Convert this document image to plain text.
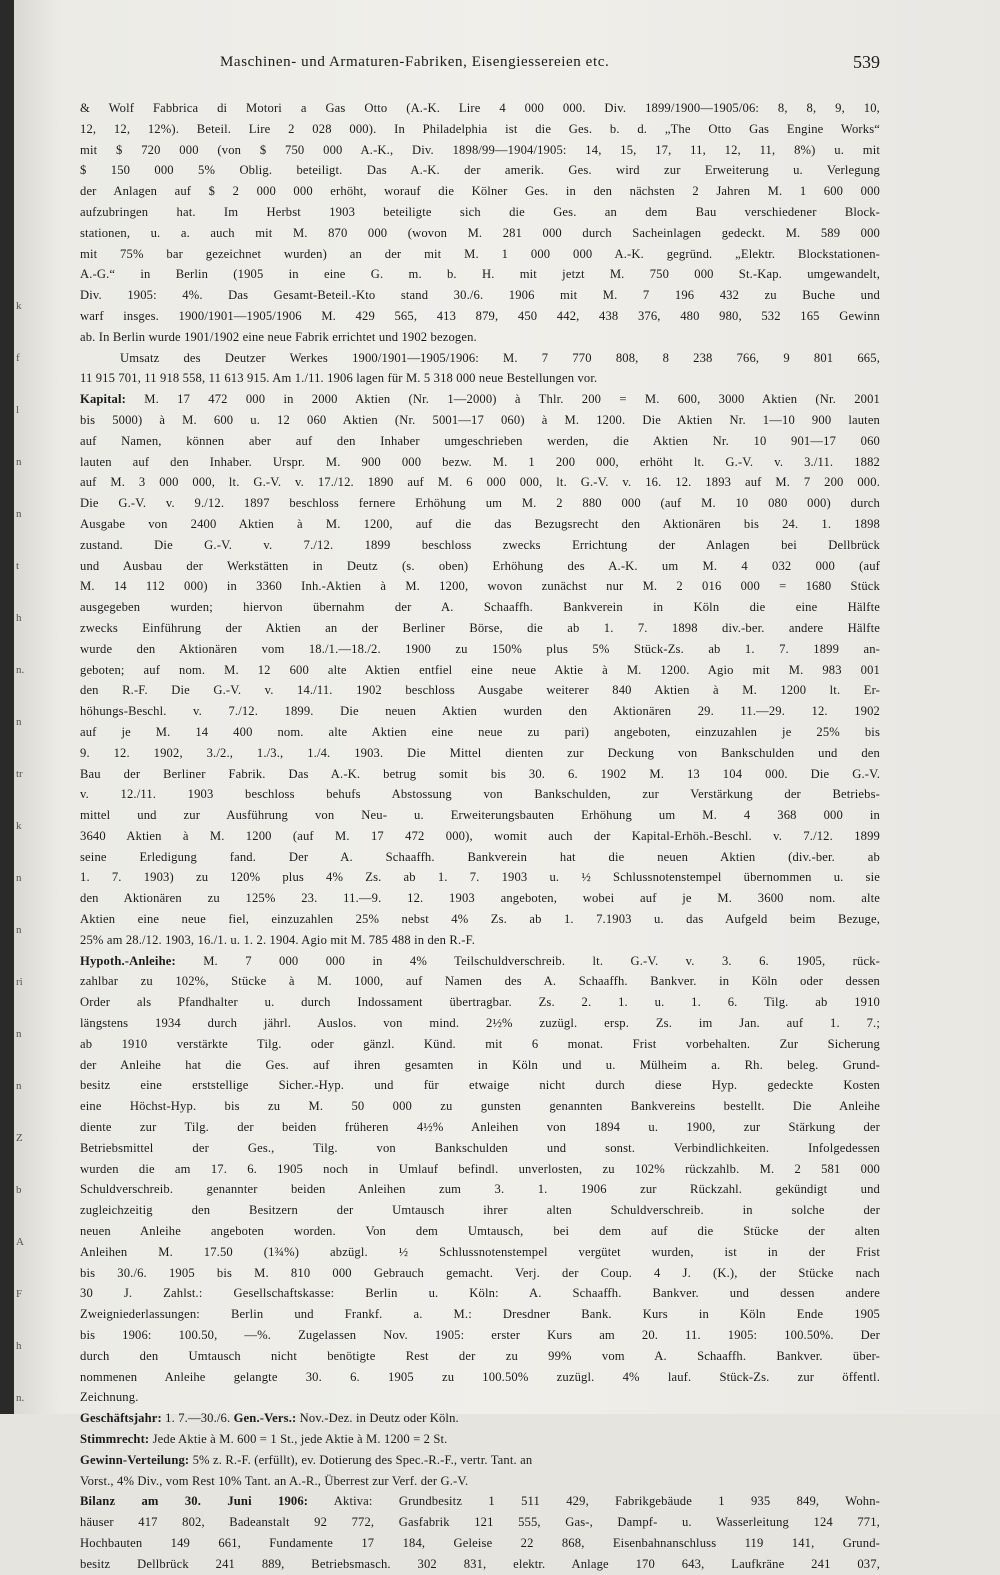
k
f
l
n
n
t
h
n.
n
tr
k
n
n
ri
n
n
Z
b
A
F
h
n.
Maschinen- und Armaturen-Fabriken, Eisengiessereien etc.	539
& Wolf Fabbrica di Motori a Gas Otto (A.-K. Lire 4 000 000. Div. 1899/1900—1905/06: 8, 8, 9, 10,
12, 12, 12%). Beteil. Lire 2 028 000). In Philadelphia ist die Ges. b. d. „The Otto Gas Engine Works“
mit $ 720 000 (von $ 750 000 A.-K., Div. 1898/99—1904/1905: 14, 15, 17, 11, 12, 11, 8%) u. mit
$ 150 000 5% Oblig. beteiligt. Das A.-K. der amerik. Ges. wird zur Erweiterung u. Verlegung
der Anlagen auf $ 2 000 000 erhöht, worauf die Kölner Ges. in den nächsten 2 Jahren M. 1 600 000
aufzubringen hat. Im Herbst 1903 beteiligte sich die Ges. an dem Bau verschiedener Block-
stationen, u. a. auch mit M. 870 000 (wovon M. 281 000 durch Sacheinlagen gedeckt. M. 589 000
mit 75% bar gezeichnet wurden) an der mit M. 1 000 000 A.-K. gegründ. „Elektr. Blockstationen-
A.-G.“ in Berlin (1905 in eine G. m. b. H. mit jetzt M. 750 000 St.-Kap. umgewandelt,
Div. 1905: 4%. Das Gesamt-Beteil.-Kto stand 30./6. 1906 mit M. 7 196 432 zu Buche und
warf insges. 1900/1901—1905/1906 M. 429 565, 413 879, 450 442, 438 376, 480 980, 532 165 Gewinn
ab. In Berlin wurde 1901/1902 eine neue Fabrik errichtet und 1902 bezogen.
Umsatz des Deutzer Werkes 1900/1901—1905/1906: M. 7 770 808, 8 238 766, 9 801 665,
11 915 701, 11 918 558, 11 613 915. Am 1./11. 1906 lagen für M. 5 318 000 neue Bestellungen vor.
Kapital: M. 17 472 000 in 2000 Aktien (Nr. 1—2000) à Thlr. 200 = M. 600, 3000 Aktien (Nr. 2001
bis 5000) à M. 600 u. 12 060 Aktien (Nr. 5001—17 060) à M. 1200. Die Aktien Nr. 1—10 900 lauten
auf Namen, können aber auf den Inhaber umgeschrieben werden, die Aktien Nr. 10 901—17 060
lauten auf den Inhaber. Urspr. M. 900 000 bezw. M. 1 200 000, erhöht lt. G.-V. v. 3./11. 1882
auf M. 3 000 000, lt. G.-V. v. 17./12. 1890 auf M. 6 000 000, lt. G.-V. v. 16. 12. 1893 auf M. 7 200 000.
Die G.-V. v. 9./12. 1897 beschloss fernere Erhöhung um M. 2 880 000 (auf M. 10 080 000) durch
Ausgabe von 2400 Aktien à M. 1200, auf die das Bezugsrecht den Aktionären bis 24. 1. 1898
zustand. Die G.-V. v. 7./12. 1899 beschloss zwecks Errichtung der Anlagen bei Dellbrück
und Ausbau der Werkstätten in Deutz (s. oben) Erhöhung des A.-K. um M. 4 032 000 (auf
M. 14 112 000) in 3360 Inh.-Aktien à M. 1200, wovon zunächst nur M. 2 016 000 = 1680 Stück
ausgegeben wurden; hiervon übernahm der A. Schaaffh. Bankverein in Köln die eine Hälfte
zwecks Einführung der Aktien an der Berliner Börse, die ab 1. 7. 1898 div.-ber. andere Hälfte
wurde den Aktionären vom 18./1.—18./2. 1900 zu 150% plus 5% Stück-Zs. ab 1. 7. 1899 an-
geboten; auf nom. M. 12 600 alte Aktien entfiel eine neue Aktie à M. 1200. Agio mit M. 983 001
den R.-F. Die G.-V. v. 14./11. 1902 beschloss Ausgabe weiterer 840 Aktien à M. 1200 lt. Er-
höhungs-Beschl. v. 7./12. 1899. Die neuen Aktien wurden den Aktionären 29. 11.—29. 12. 1902
auf je M. 14 400 nom. alte Aktien eine neue zu pari) angeboten, einzuzahlen je 25% bis
9. 12. 1902, 3./2., 1./3., 1./4. 1903. Die Mittel dienten zur Deckung von Bankschulden und den
Bau der Berliner Fabrik. Das A.-K. betrug somit bis 30. 6. 1902 M. 13 104 000. Die G.-V.
v. 12./11. 1903 beschloss behufs Abstossung von Bankschulden, zur Verstärkung der Betriebs-
mittel und zur Ausführung von Neu- u. Erweiterungsbauten Erhöhung um M. 4 368 000 in
3640 Aktien à M. 1200 (auf M. 17 472 000), womit auch der Kapital-Erhöh.-Beschl. v. 7./12. 1899
seine Erledigung fand. Der A. Schaaffh. Bankverein hat die neuen Aktien (div.-ber. ab
1. 7. 1903) zu 120% plus 4% Zs. ab 1. 7. 1903 u. ½ Schlussnotenstempel übernommen u. sie
den Aktionären zu 125% 23. 11.—9. 12. 1903 angeboten, wobei auf je M. 3600 nom. alte
Aktien eine neue fiel, einzuzahlen 25% nebst 4% Zs. ab 1. 7.1903 u. das Aufgeld beim Bezuge,
25% am 28./12. 1903, 16./1. u. 1. 2. 1904. Agio mit M. 785 488 in den R.-F.
Hypoth.-Anleihe: M. 7 000 000 in 4% Teilschuldverschreib. lt. G.-V. v. 3. 6. 1905, rück-
zahlbar zu 102%, Stücke à M. 1000, auf Namen des A. Schaaffh. Bankver. in Köln oder dessen
Order als Pfandhalter u. durch Indossament übertragbar. Zs. 2. 1. u. 1. 6. Tilg. ab 1910
längstens 1934 durch jährl. Auslos. von mind. 2½% zuzügl. ersp. Zs. im Jan. auf 1. 7.;
ab 1910 verstärkte Tilg. oder gänzl. Künd. mit 6 monat. Frist vorbehalten. Zur Sicherung
der Anleihe hat die Ges. auf ihren gesamten in Köln und u. Mülheim a. Rh. beleg. Grund-
besitz eine erststellige Sicher.-Hyp. und für etwaige nicht durch diese Hyp. gedeckte Kosten
eine Höchst-Hyp. bis zu M. 50 000 zu gunsten genannten Bankvereins bestellt. Die Anleihe
diente zur Tilg. der beiden früheren 4½% Anleihen von 1894 u. 1900, zur Stärkung der
Betriebsmittel der Ges., Tilg. von Bankschulden und sonst. Verbindlichkeiten. Infolgedessen
wurden die am 17. 6. 1905 noch in Umlauf befindl. unverlosten, zu 102% rückzahlb. M. 2 581 000
Schuldverschreib. genannter beiden Anleihen zum 3. 1. 1906 zur Rückzahl. gekündigt und
zugleichzeitig den Besitzern der Umtausch ihrer alten Schuldverschreib. in solche der
neuen Anleihe angeboten worden. Von dem Umtausch, bei dem auf die Stücke der alten
Anleihen M. 17.50 (1¾%) abzügl. ½ Schlussnotenstempel vergütet wurden, ist in der Frist
bis 30./6. 1905 bis M. 810 000 Gebrauch gemacht. Verj. der Coup. 4 J. (K.), der Stücke nach
30 J. Zahlst.: Gesellschaftskasse: Berlin u. Köln: A. Schaaffh. Bankver. und dessen andere
Zweigniederlassungen: Berlin und Frankf. a. M.: Dresdner Bank. Kurs in Köln Ende 1905
bis 1906: 100.50, —%. Zugelassen Nov. 1905: erster Kurs am 20. 11. 1905: 100.50%. Der
durch den Umtausch nicht benötigte Rest der zu 99% vom A. Schaaffh. Bankver. über-
nommenen Anleihe gelangte 30. 6. 1905 zu 100.50% zuzügl. 4% lauf. Stück-Zs. zur öffentl.
Zeichnung.
Geschäftsjahr: 1. 7.—30./6. Gen.-Vers.: Nov.-Dez. in Deutz oder Köln.
Stimmrecht: Jede Aktie à M. 600 = 1 St., jede Aktie à M. 1200 = 2 St.
Gewinn-Verteilung: 5% z. R.-F. (erfüllt), ev. Dotierung des Spec.-R.-F., vertr. Tant. an
Vorst., 4% Div., vom Rest 10% Tant. an A.-R., Überrest zur Verf. der G.-V.
Bilanz am 30. Juni 1906: Aktiva: Grundbesitz 1 511 429, Fabrikgebäude 1 935 849, Wohn-
häuser 417 802, Badeanstalt 92 772, Gasfabrik 121 555, Gas-, Dampf- u. Wasserleitung 124 771,
Hochbauten 149 661, Fundamente 17 184, Geleise 22 868, Eisenbahnanschluss 119 141, Grund-
besitz Dellbrück 241 889, Betriebsmasch. 302 831, elektr. Anlage 170 643, Laufkräne 241 037,
